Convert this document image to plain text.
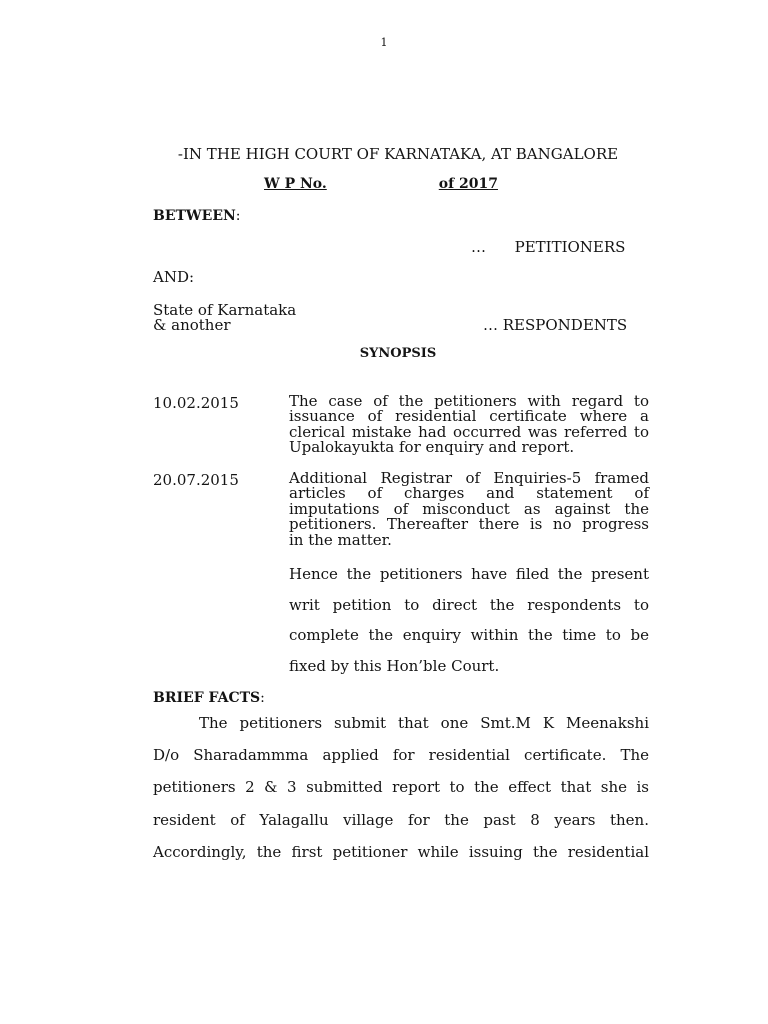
1
-IN THE HIGH COURT OF KARNATAKA, AT BANGALORE
W P No.	of 2017
BETWEEN:
…      PETITIONERS
AND:
State of Karnataka
& another	… RESPONDENTS
SYNOPSIS
10.02.2015	The case of the petitioners with regard to
issuance of residential certificate where a
clerical mistake had occurred was referred to
Upalokayukta for enquiry and report.
20.07.2015	Additional Registrar of Enquiries-5 framed
articles of charges and statement of
imputations of misconduct as against the
petitioners. Thereafter there is no progress
in the matter.
Hence the petitioners have filed the present
writ petition to direct the respondents to
complete the enquiry within the time to be
fixed by this Hon’ble Court.
BRIEF FACTS:
The petitioners submit that one Smt.M K Meenakshi
D/o Sharadammma applied for residential certificate. The
petitioners 2 & 3 submitted report to the effect that she is
resident of Yalagallu village for the past 8 years then.
Accordingly, the first petitioner while issuing the residential
